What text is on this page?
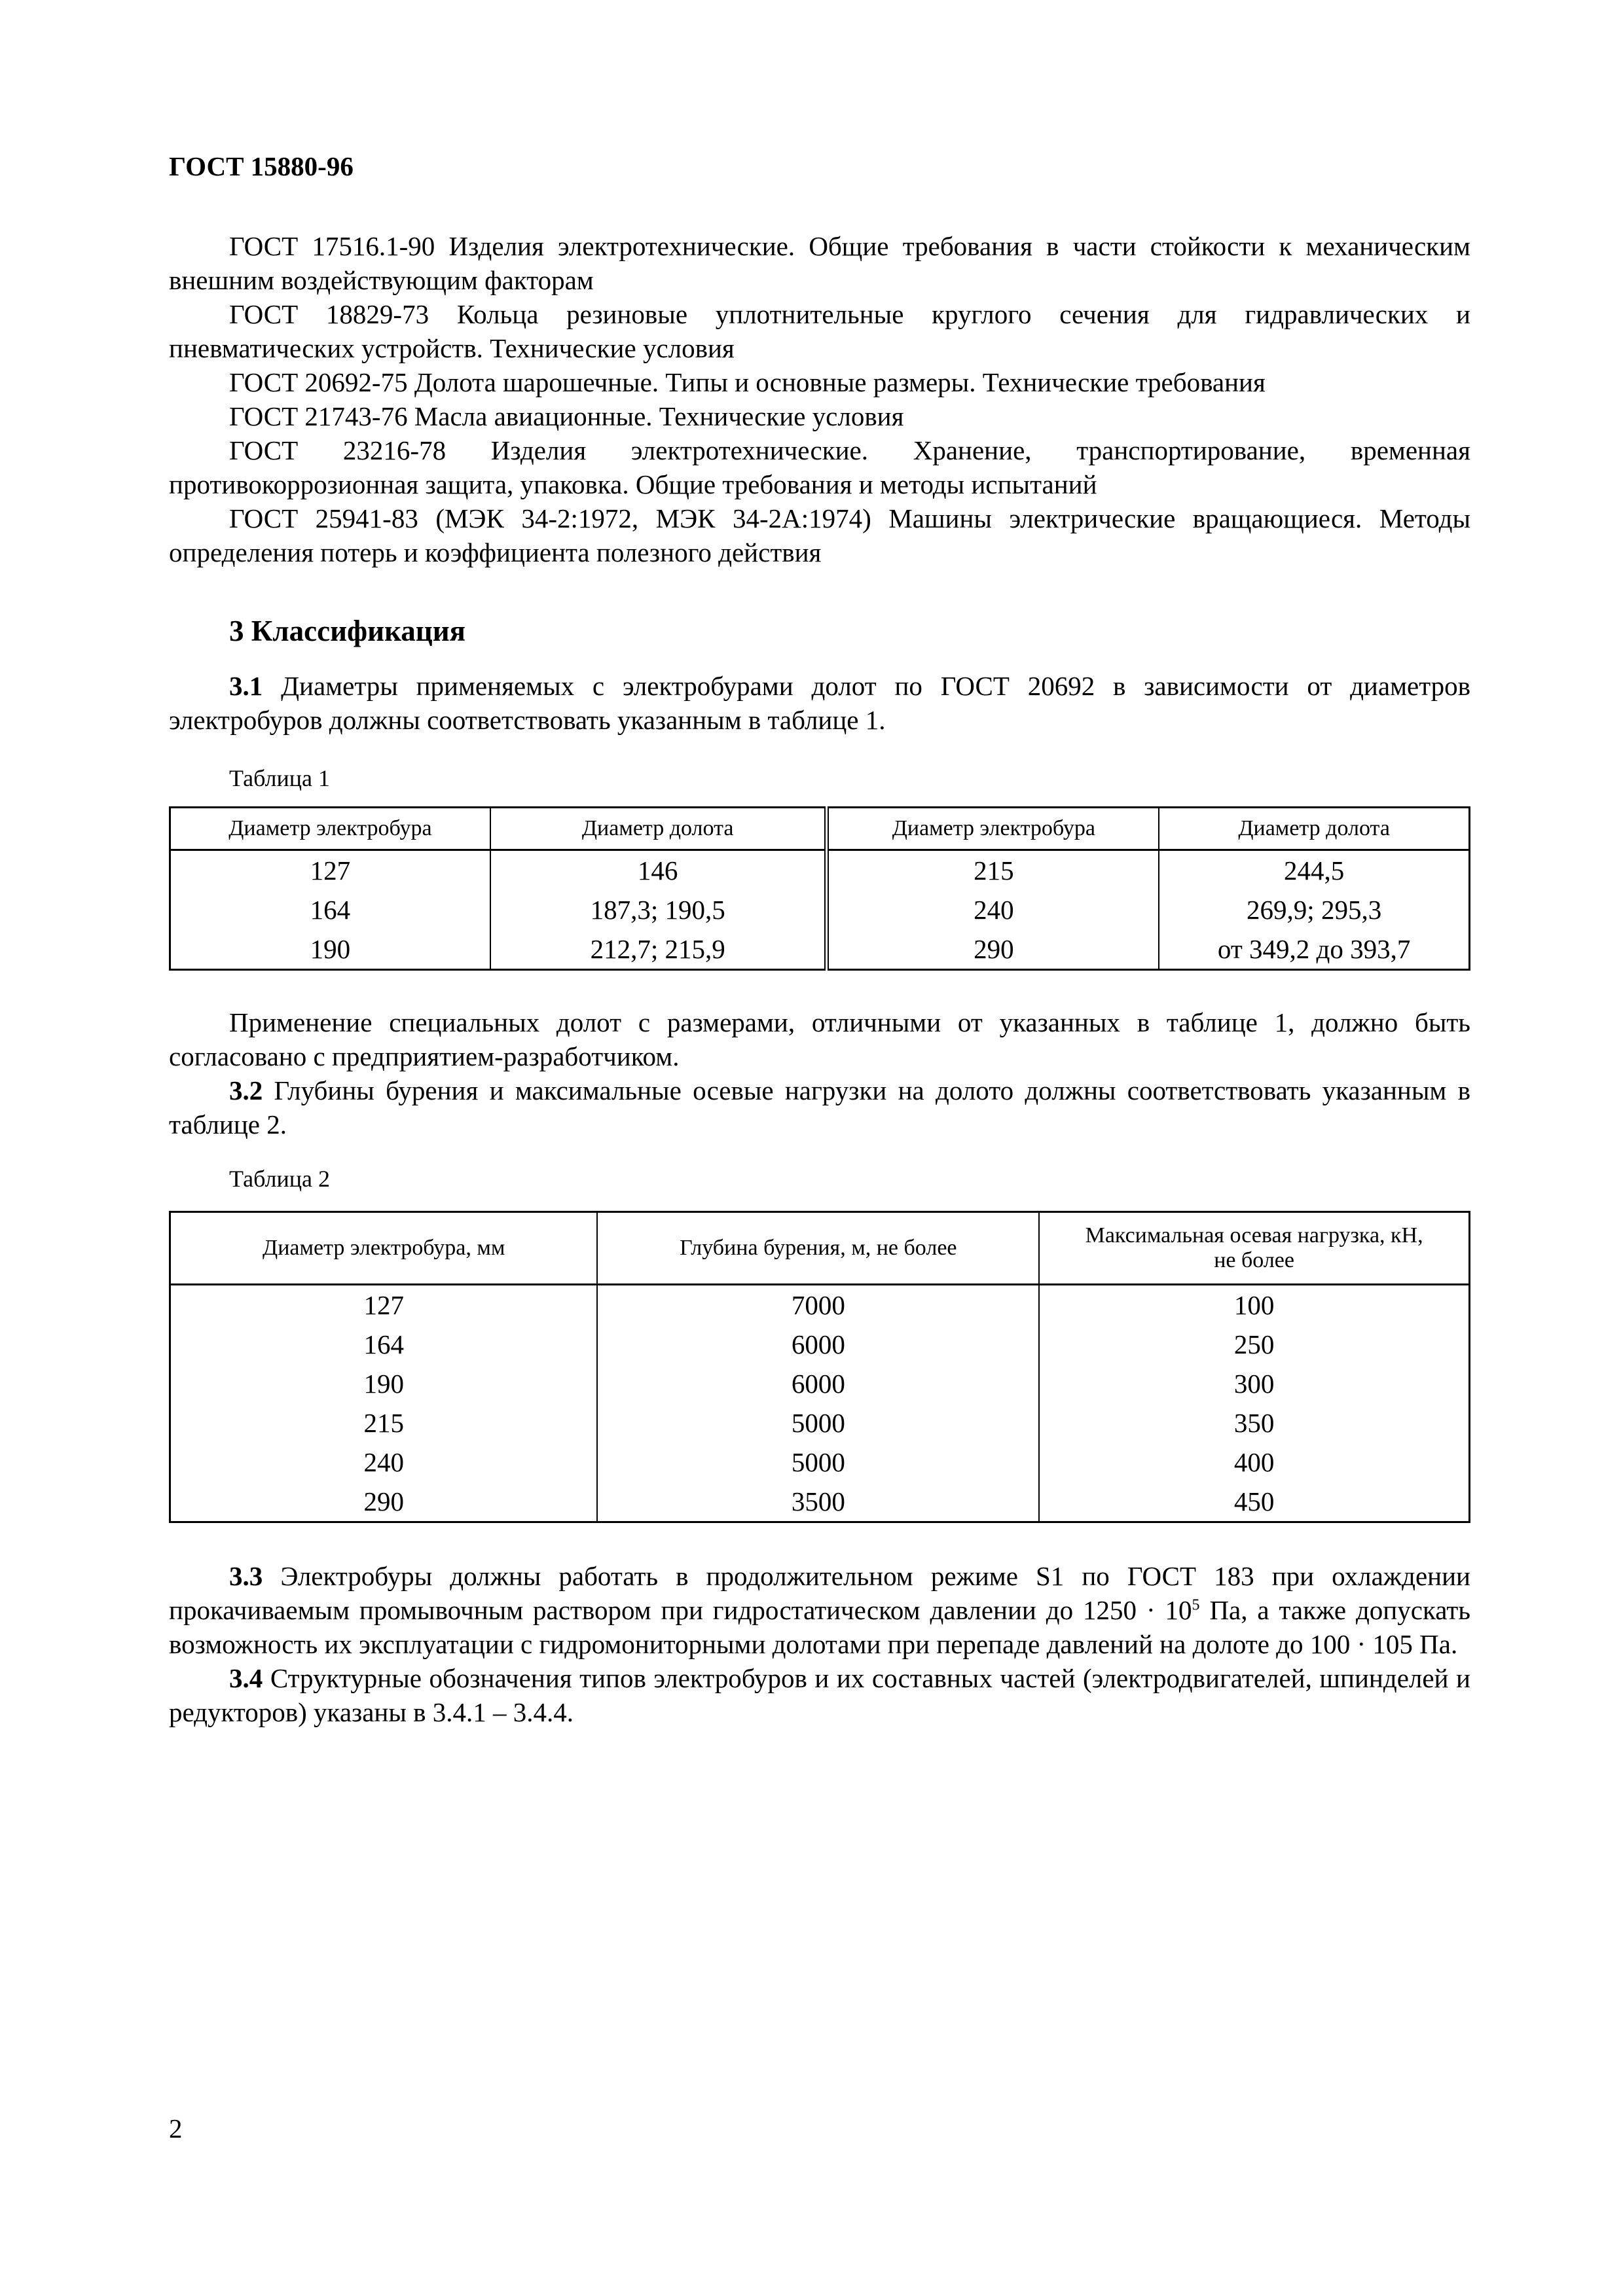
ГОСТ 15880-96

ГОСТ 17516.1-90 Изделия электротехнические. Общие требования в части стойкости к механическим внешним воздействующим факторам

ГОСТ 18829-73 Кольца резиновые уплотнительные круглого сечения для гидравлических и пневматических устройств. Технические условия

ГОСТ 20692-75 Долота шарошечные. Типы и основные размеры. Технические требования

ГОСТ 21743-76 Масла авиационные. Технические условия

ГОСТ 23216-78 Изделия электротехнические. Хранение, транспортирование, временная противокоррозионная защита, упаковка. Общие требования и методы испытаний

ГОСТ 25941-83 (МЭК 34-2:1972, МЭК 34-2А:1974) Машины электрические вращающиеся. Методы определения потерь и коэффициента полезного действия

3 Классификация

3.1 Диаметры применяемых с электробурами долот по ГОСТ 20692 в зависимости от диаметров электробуров должны соответствовать указанным в таблице 1.

Таблица 1
Диаметр электробура	Диаметр долота	Диаметр электробура	Диаметр долота
127	146	215	244,5
164	187,3; 190,5	240	269,9; 295,3
190	212,7; 215,9	290	от 349,2 до 393,7

Применение специальных долот с размерами, отличными от указанных в таблице 1, должно быть согласовано с предприятием-разработчиком.

3.2 Глубины бурения и максимальные осевые нагрузки на долото должны соответствовать указанным в таблице 2.

Таблица 2
Диаметр электробура, мм	Глубина бурения, м, не более	Максимальная осевая нагрузка, кН, не более
127	7000	100
164	6000	250
190	6000	300
215	5000	350
240	5000	400
290	3500	450

3.3 Электробуры должны работать в продолжительном режиме S1 по ГОСТ 183 при охлаждении прокачиваемым промывочным раствором при гидростатическом давлении до $1250 \cdot 10^5$ Па, а также допускать возможность их эксплуатации с гидромониторными долотами при перепаде давлений на долоте до 100 · 105 Па.

3.4 Структурные обозначения типов электробуров и их составных частей (электродвигателей, шпинделей и редукторов) указаны в 3.4.1 – 3.4.4.

2
